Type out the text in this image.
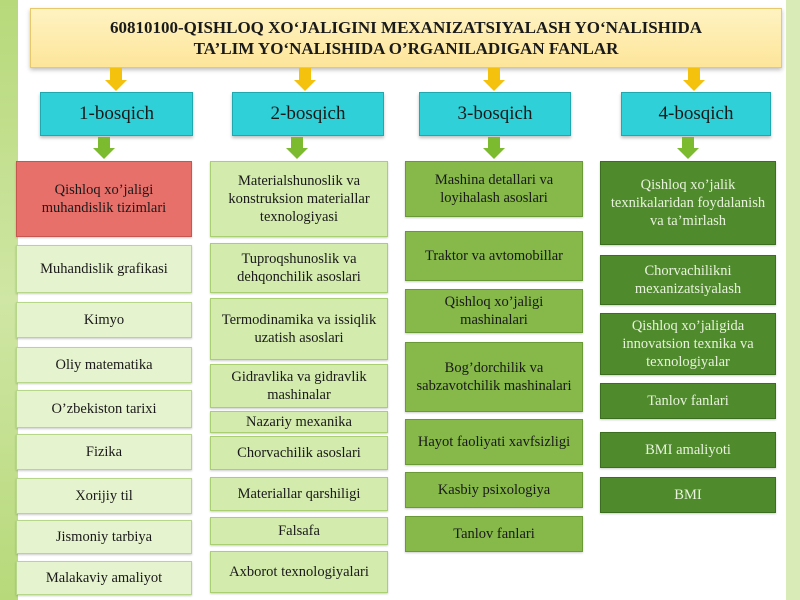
60810100-QISHLOQ XO‘JALIGINI MEXANIZATSIYALASH YO‘NALISHIDA
TA’LIM YO‘NALISHIDA O’RGANILADIGAN FANLAR
1-bosqich	2-bosqich	3-bosqich	4-bosqich
Qishloq xo’jaligi muhandislik tizimlari
Muhandislik grafikasi
Kimyo
Oliy matematika
O’zbekiston tarixi
Fizika
Xorijiy til
Jismoniy tarbiya
Malakaviy amaliyot
Materialshunoslik va konstruksion materiallar texnologiyasi
Tuproqshunoslik va dehqonchilik asoslari
Termodinamika va issiqlik uzatish asoslari
Gidravlika va gidravlik mashinalar
Nazariy mexanika
Chorvachilik asoslari
Materiallar qarshiligi
Falsafa
Axborot texnologiyalari
Mashina detallari va loyihalash asoslari
Traktor va avtomobillar
Qishloq xo’jaligi mashinalari
Bog’dorchilik va sabzavotchilik mashinalari
Hayot faoliyati xavfsizligi
Kasbiy psixologiya
Tanlov fanlari
Qishloq xo’jalik texnikalaridan foydalanish va ta’mirlash
Chorvachilikni mexanizatsiyalash
Qishloq xo’jaligida innovatsion texnika va texnologiyalar
Tanlov fanlari
BMI amaliyoti
BMI
